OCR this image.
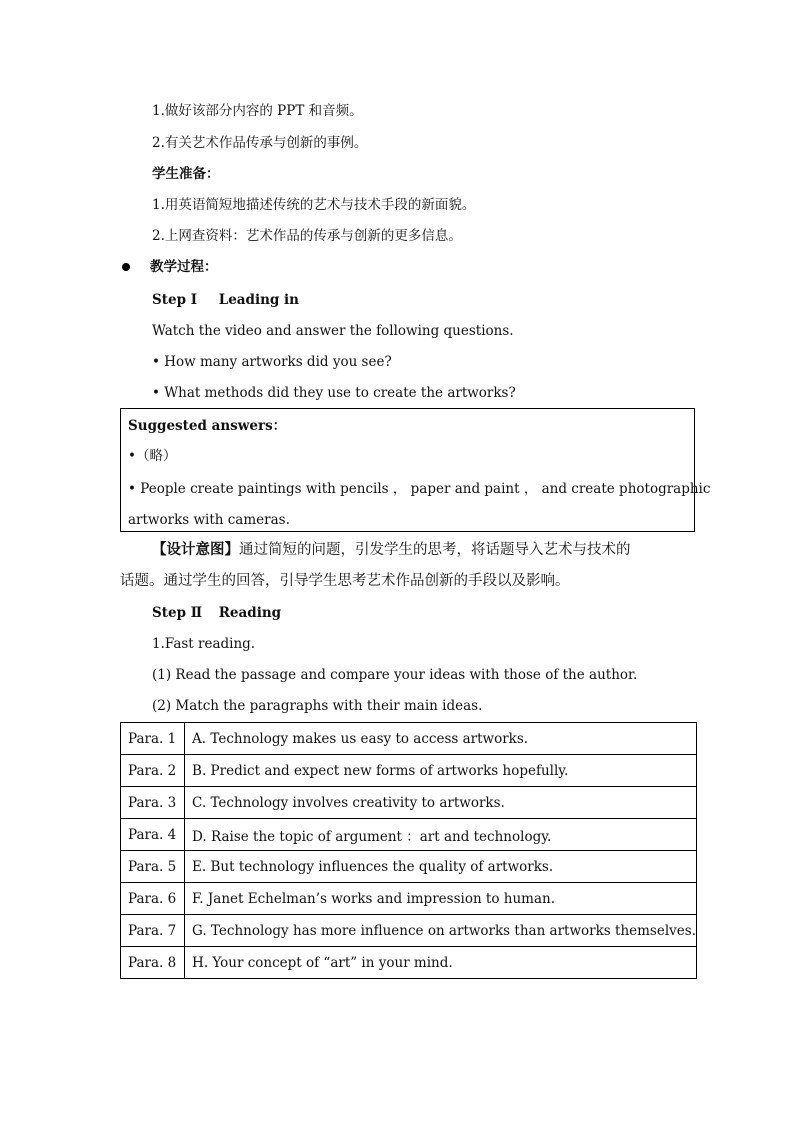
1.做好该部分内容的 PPT 和音频。
2.有关艺术作品传承与创新的事例。
学生准备：
1.用英语简短地描述传统的艺术与技术手段的新面貌。
2.上网查资料：艺术作品的传承与创新的更多信息。
教学过程：
Step Ⅰ Leading in
Watch the video and answer the following questions.
• How many artworks did you see?
• What methods did they use to create the artworks?
Suggested answers：
•（略）
• People create paintings with pencils ， paper and paint ， and create photographic
artworks with cameras.
【设计意图】通过简短的问题，引发学生的思考，将话题导入艺术与技术的
话题。通过学生的回答，引导学生思考艺术作品创新的手段以及影响。
Step Ⅱ Reading
1.Fast reading.
(1) Read the passage and compare your ideas with those of the author.
(2) Match the paragraphs with their main ideas.
Para. 1	A. Technology makes us easy to access artworks.
Para. 2	B. Predict and expect new forms of artworks hopefully.
Para. 3	C. Technology involves creativity to artworks.
Para. 4	D. Raise the topic of argument ：art and technology.
Para. 5	E. But technology influences the quality of artworks.
Para. 6	F. Janet Echelman’s works and impression to human.
Para. 7	G. Technology has more influence on artworks than artworks themselves.
Para. 8	H. Your concept of “art” in your mind.
